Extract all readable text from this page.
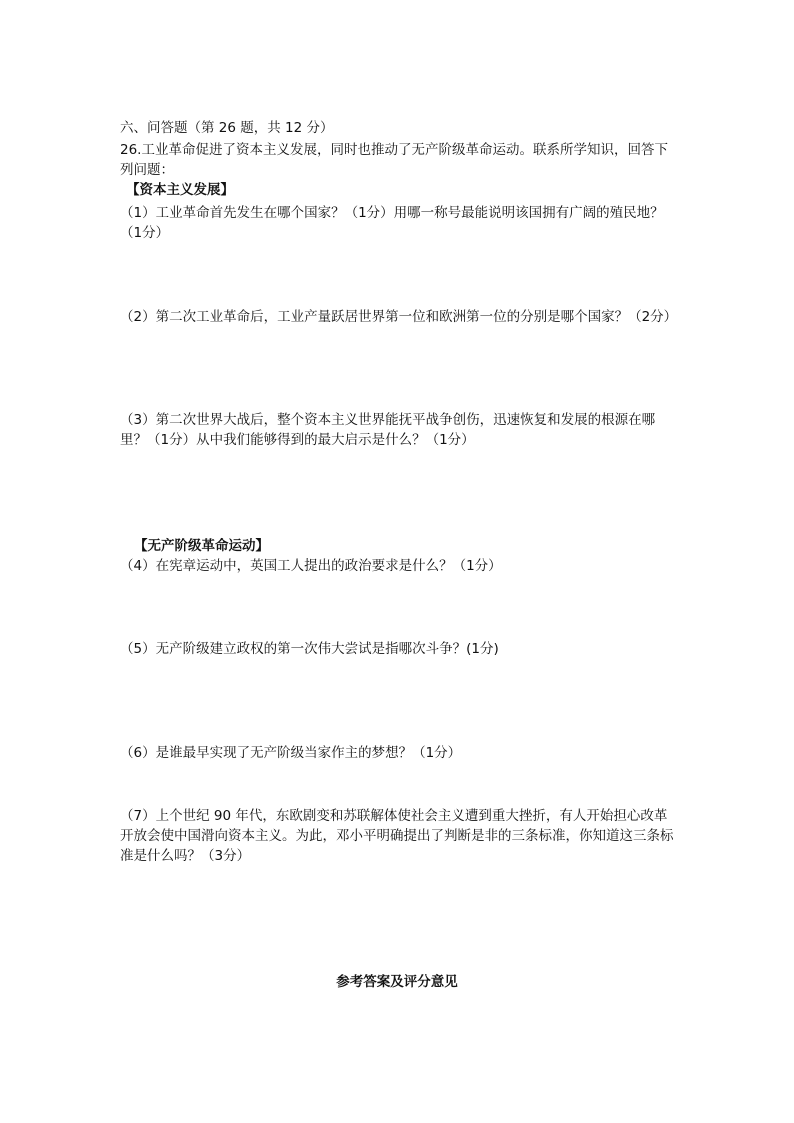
六、问答题（第 26 题，共 12 分）

26.工业革命促进了资本主义发展，同时也推动了无产阶级革命运动。联系所学知识，回答下列问题：

【资本主义发展】

（1）工业革命首先发生在哪个国家？（1分）用哪一称号最能说明该国拥有广阔的殖民地？（1分）

（2）第二次工业革命后，工业产量跃居世界第一位和欧洲第一位的分别是哪个国家？（2分）

（3）第二次世界大战后，整个资本主义世界能抚平战争创伤，迅速恢复和发展的根源在哪里？（1分）从中我们能够得到的最大启示是什么？（1分）

【无产阶级革命运动】

（4）在宪章运动中，英国工人提出的政治要求是什么？（1分）

（5）无产阶级建立政权的第一次伟大尝试是指哪次斗争？(1分)

（6）是谁最早实现了无产阶级当家作主的梦想？（1分）

（7）上个世纪 90 年代，东欧剧变和苏联解体使社会主义遭到重大挫折，有人开始担心改革开放会使中国滑向资本主义。为此，邓小平明确提出了判断是非的三条标准，你知道这三条标准是什么吗？（3分）

参考答案及评分意见
